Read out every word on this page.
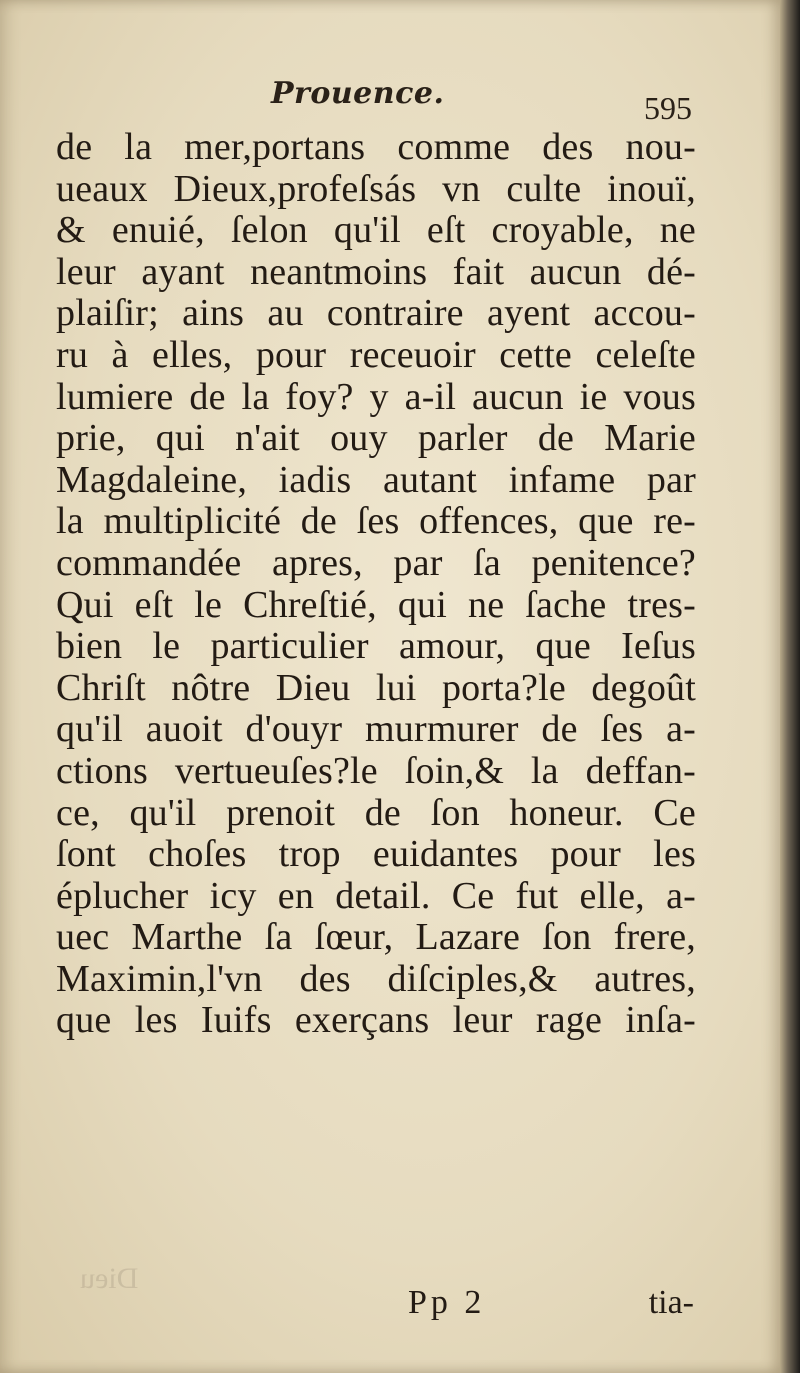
Prouence.	595
de la mer,portans comme des nou-
ueaux Dieux,profeſsás vn culte inouï,
& enuié, ſelon qu'il eſt croyable, ne
leur ayant neantmoins fait aucun dé-
plaiſir; ains au contraire ayent accou-
ru à elles, pour receuoir cette celeſte
lumiere de la foy? y a-il aucun ie vous
prie, qui n'ait ouy parler de Marie
Magdaleine, iadis autant infame par
la multiplicité de ſes offences, que re-
commandée apres, par ſa penitence?
Qui eſt le Chreſtié, qui ne ſache tres-
bien le particulier amour, que Ieſus
Chriſt nôtre Dieu lui porta?le degoût
qu'il auoit d'ouyr murmurer de ſes a-
ctions vertueuſes?le ſoin,& la deffan-
ce, qu'il prenoit de ſon honeur. Ce
ſont choſes trop euidantes pour les
éplucher icy en detail. Ce fut elle, a-
uec Marthe ſa ſœur, Lazare ſon frere,
Maximin,l'vn des diſciples,& autres,
que les Iuifs exerçans leur rage inſa-
Dieu
Pp 2	tia-
